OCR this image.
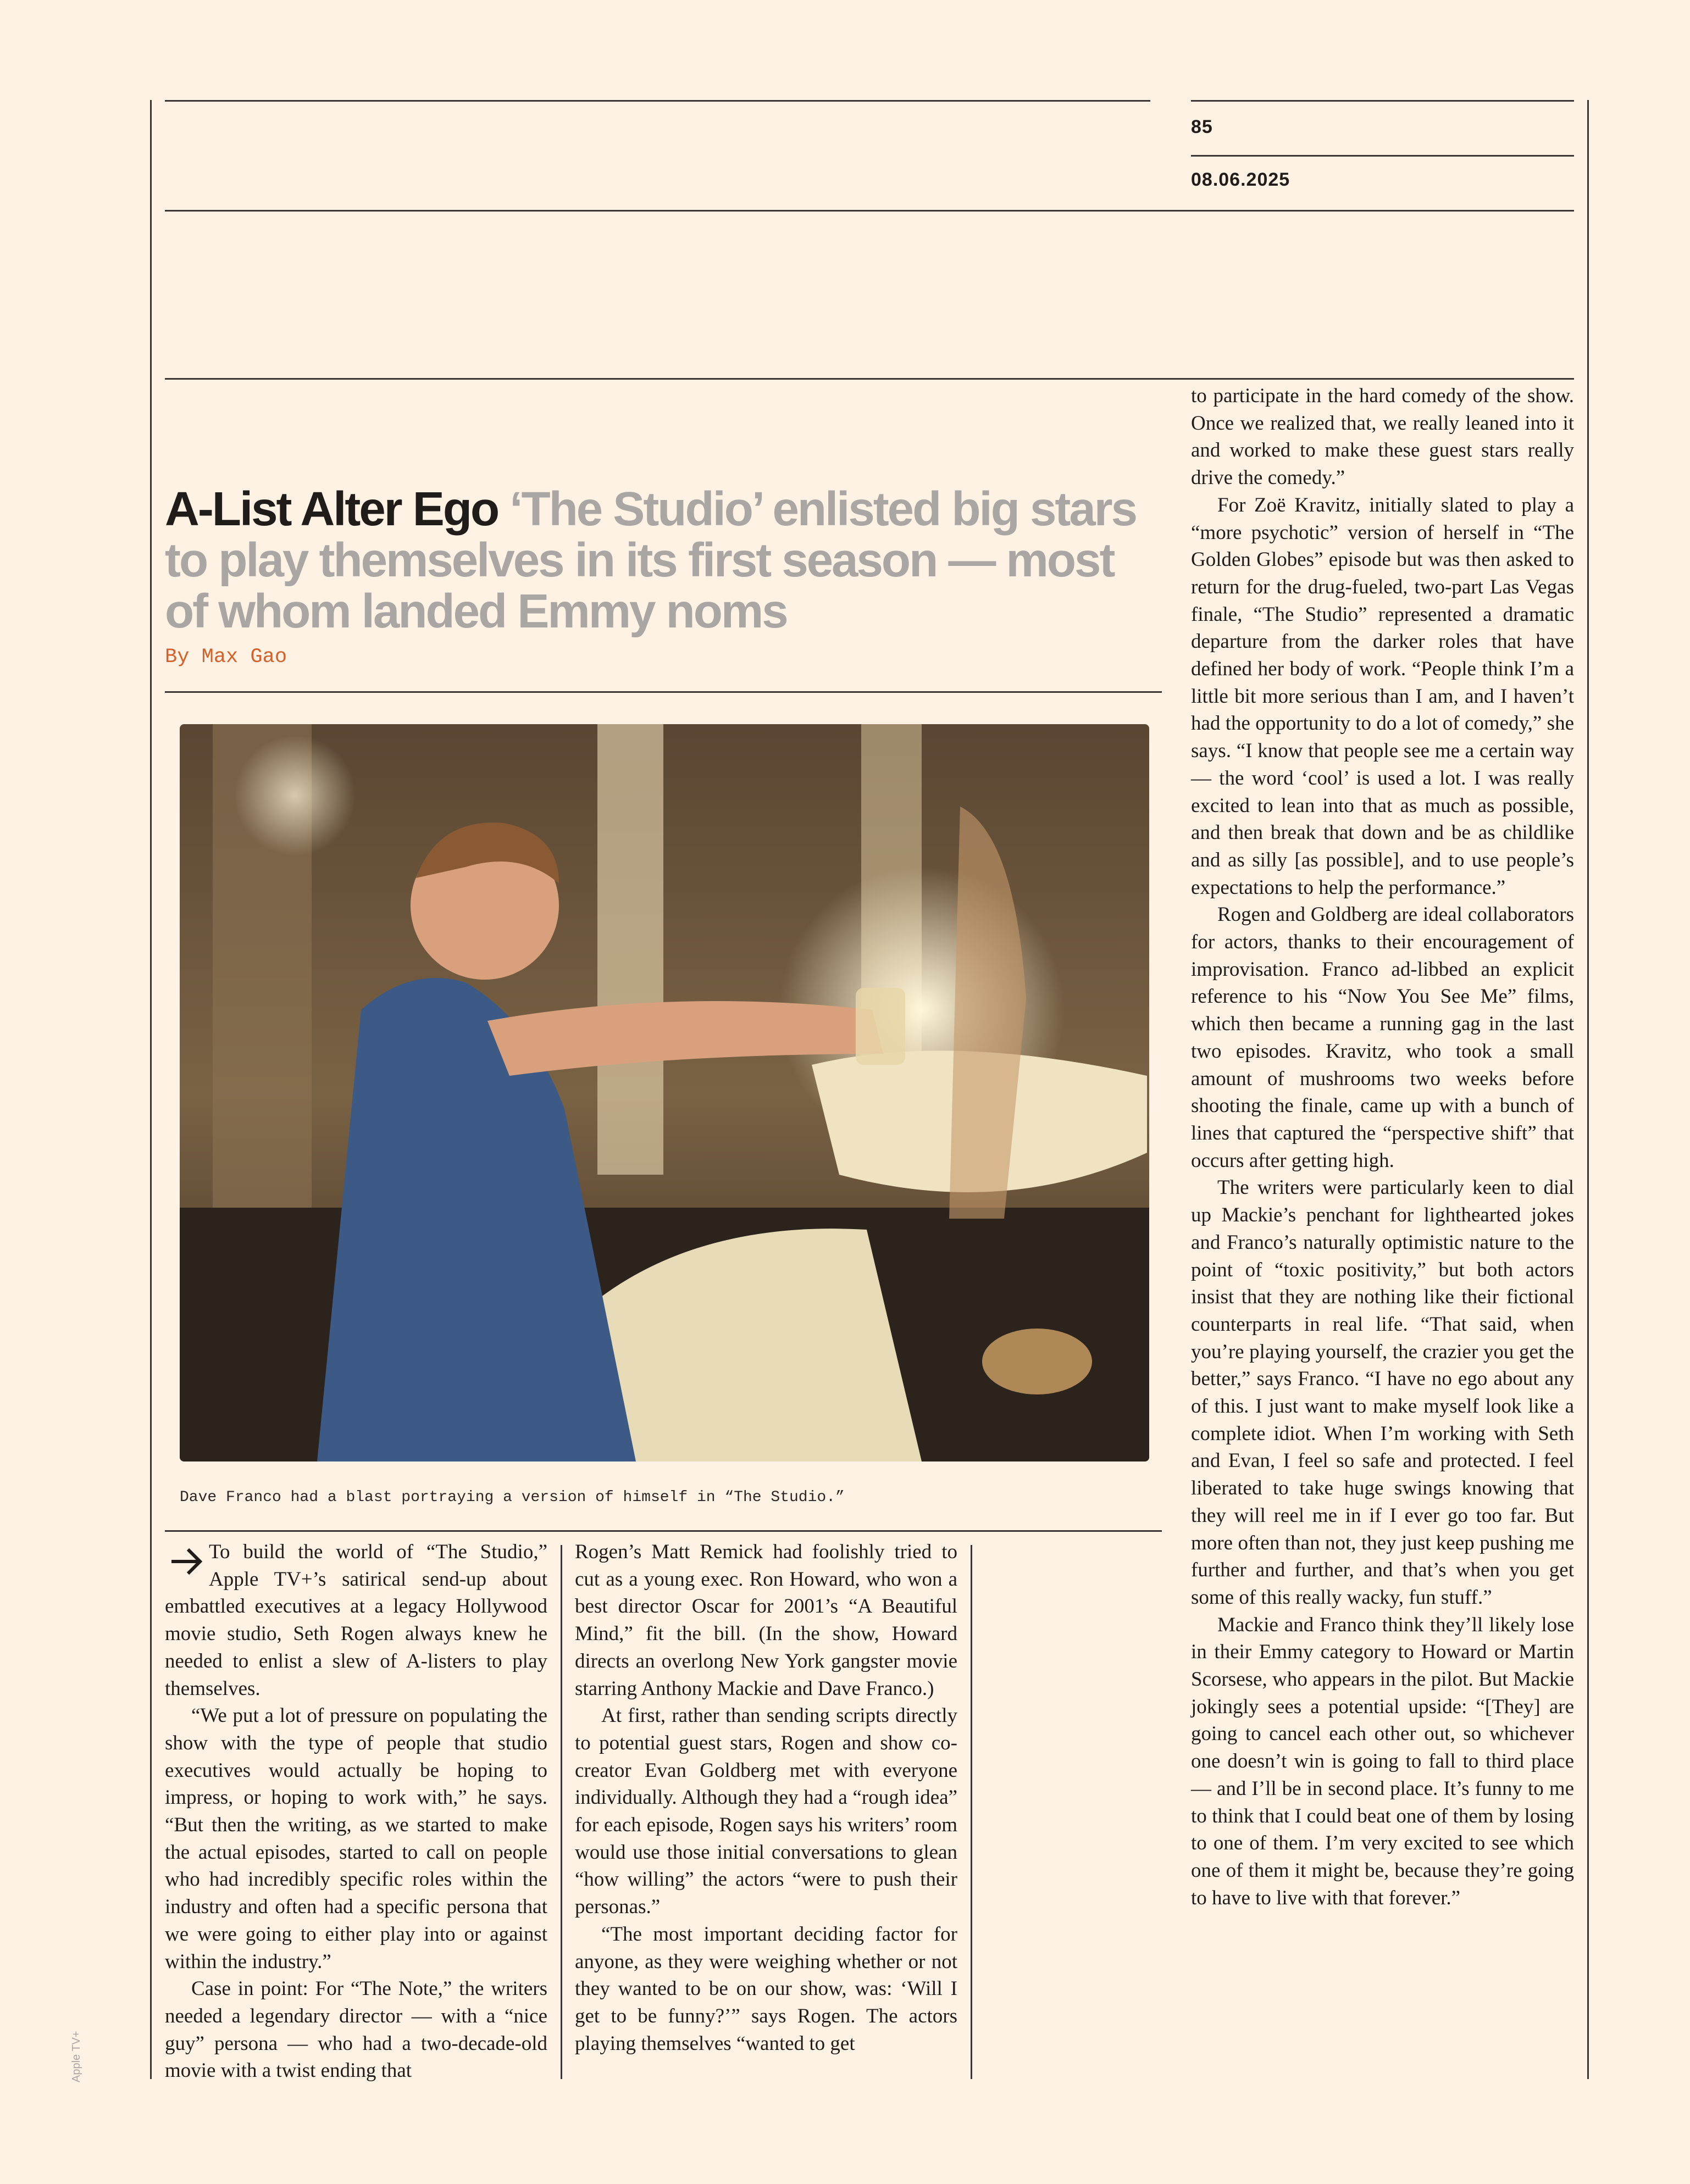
85
08.06.2025
A-List Alter Ego ‘The Studio’ enlisted big stars to play themselves in its first season — most of whom landed Emmy noms
By Max Gao
Dave Franco had a blast portraying a version of himself in “The Studio.”

To build the world of “The Studio,” Apple TV+’s satirical send-up about embattled executives at a legacy Hollywood movie studio, Seth Rogen always knew he needed to enlist a slew of A-listers to play themselves.

“We put a lot of pressure on populating the show with the type of people that studio executives would actually be hoping to impress, or hoping to work with,” he says. “But then the writing, as we started to make the actual episodes, started to call on people who had incredibly specific roles within the industry and often had a specific persona that we were going to either play into or against within the industry.”

Case in point: For “The Note,” the writers needed a legendary director — with a “nice guy” persona — who had a two-decade-old movie with a twist ending that

Rogen’s Matt Remick had foolishly tried to cut as a young exec. Ron Howard, who won a best director Oscar for 2001’s “A Beautiful Mind,” fit the bill. (In the show, Howard directs an overlong New York gangster movie starring Anthony Mackie and Dave Franco.)

At first, rather than sending scripts directly to potential guest stars, Rogen and show co-creator Evan Goldberg met with everyone individually. Although they had a “rough idea” for each episode, Rogen says his writers’ room would use those initial conversations to glean “how willing” the actors “were to push their personas.”

“The most important deciding factor for anyone, as they were weighing whether or not they wanted to be on our show, was: ‘Will I get to be funny?’” says Rogen. The actors playing themselves “wanted to get

to participate in the hard comedy of the show. Once we realized that, we really leaned into it and worked to make these guest stars really drive the comedy.”

For Zoë Kravitz, initially slated to play a “more psychotic” version of herself in “The Golden Globes” episode but was then asked to return for the drug-fueled, two-part Las Vegas finale, “The Studio” represented a dramatic departure from the darker roles that have defined her body of work. “People think I’m a little bit more serious than I am, and I haven’t had the opportunity to do a lot of comedy,” she says. “I know that people see me a certain way — the word ‘cool’ is used a lot. I was really excited to lean into that as much as possible, and then break that down and be as childlike and as silly [as possible], and to use people’s expectations to help the performance.”

Rogen and Goldberg are ideal collaborators for actors, thanks to their encouragement of improvisation. Franco ad-libbed an explicit reference to his “Now You See Me” films, which then became a running gag in the last two episodes. Kravitz, who took a small amount of mushrooms two weeks before shooting the finale, came up with a bunch of lines that captured the “perspective shift” that occurs after getting high.

The writers were particularly keen to dial up Mackie’s penchant for lighthearted jokes and Franco’s naturally optimistic nature to the point of “toxic positivity,” but both actors insist that they are nothing like their fictional counterparts in real life. “That said, when you’re playing yourself, the crazier you get the better,” says Franco. “I have no ego about any of this. I just want to make myself look like a complete idiot. When I’m working with Seth and Evan, I feel so safe and protected. I feel liberated to take huge swings knowing that they will reel me in if I ever go too far. But more often than not, they just keep pushing me further and further, and that’s when you get some of this really wacky, fun stuff.”

Mackie and Franco think they’ll likely lose in their Emmy category to Howard or Martin Scorsese, who appears in the pilot. But Mackie jokingly sees a potential upside: “[They] are going to cancel each other out, so whichever one doesn’t win is going to fall to third place — and I’ll be in second place. It’s funny to me to think that I could beat one of them by losing to one of them. I’m very excited to see which one of them it might be, because they’re going to have to live with that forever.”

Apple TV+
